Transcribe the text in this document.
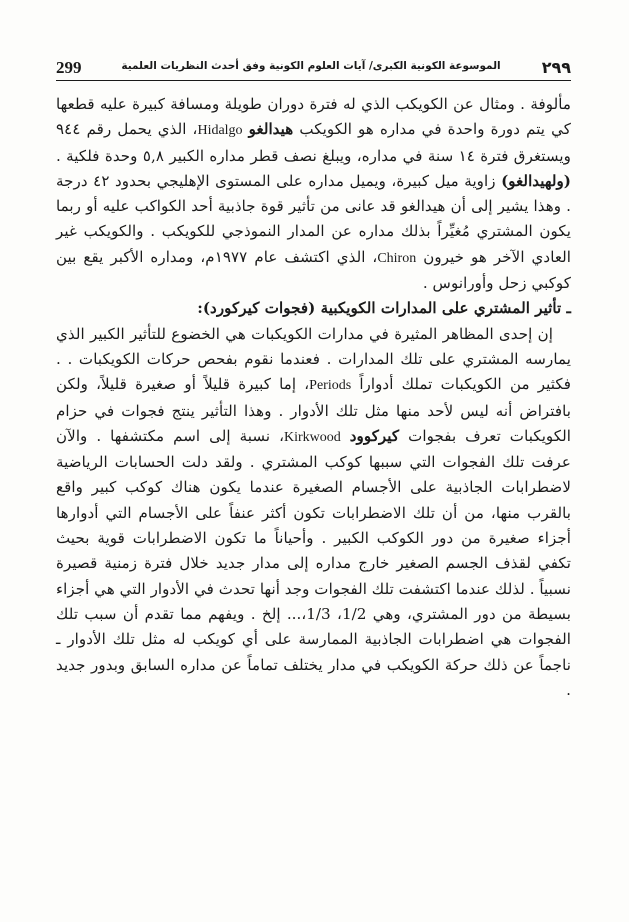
299	الموسوعة الكونية الكبرى/ آيات العلوم الكونية وفق أحدث النظريات العلمية	٢٩٩

مألوفة . ومثال عن الكويكب الذي له فترة دوران طويلة ومسافة كبيرة عليه قطعها كي يتم دورة واحدة في مداره هو الكويكب هيدالغو Hidalgo، الذي يحمل رقم ٩٤٤ ويستغرق فترة ١٤ سنة في مداره، ويبلغ نصف قطر مداره الكبير ٥,٨ وحدة فلكية . (ولهيدالغو) زاوية ميل كبيرة، ويميل مداره على المستوى الإهليجي بحدود ٤٢ درجة . وهذا يشير إلى أن هيدالغو قد عانى من تأثير قوة جاذبية أحد الكواكب عليه أو ربما يكون المشتري مُغيِّراً بذلك مداره عن المدار النموذجي للكويكب . والكويكب غير العادي الآخر هو خيرون Chiron، الذي اكتشف عام ١٩٧٧م، ومداره الأكبر يقع بين كوكبي زحل وأورانوس .

ـ تأثير المشتري على المدارات الكويكبية (فجوات كيركورد):

إن إحدى المظاهر المثيرة في مدارات الكويكبات هي الخضوع للتأثير الكبير الذي يمارسه المشتري على تلك المدارات . فعندما نقوم بفحص حركات الكويكبات . . فكثير من الكويكبات تملك أدواراً Periods، إما كبيرة قليلاً أو صغيرة قليلاً، ولكن بافتراض أنه ليس لأحد منها مثل تلك الأدوار . وهذا التأثير ينتج فجوات في حزام الكويكبات تعرف بفجوات كيركوود Kirkwood، نسبة إلى اسم مكتشفها . والآن عرفت تلك الفجوات التي سببها كوكب المشتري . ولقد دلت الحسابات الرياضية لاضطرابات الجاذبية على الأجسام الصغيرة عندما يكون هناك كوكب كبير واقع بالقرب منها، من أن تلك الاضطرابات تكون أكثر عنفاً على الأجسام التي أدوارها أجزاء صغيرة من دور الكوكب الكبير . وأحياناً ما تكون الاضطرابات قوية بحيث تكفي لقذف الجسم الصغير خارج مداره إلى مدار جديد خلال فترة زمنية قصيرة نسبياً . لذلك عندما اكتشفت تلك الفجوات وجد أنها تحدث في الأدوار التي هي أجزاء بسيطة من دور المشتري، وهي 1/2، 1/3،... إلخ . ويفهم مما تقدم أن سبب تلك الفجوات هي اضطرابات الجاذبية الممارسة على أي كويكب له مثل تلك الأدوار ـ ناجماً عن ذلك حركة الكويكب في مدار يختلف تماماً عن مداره السابق وبدور جديد .
